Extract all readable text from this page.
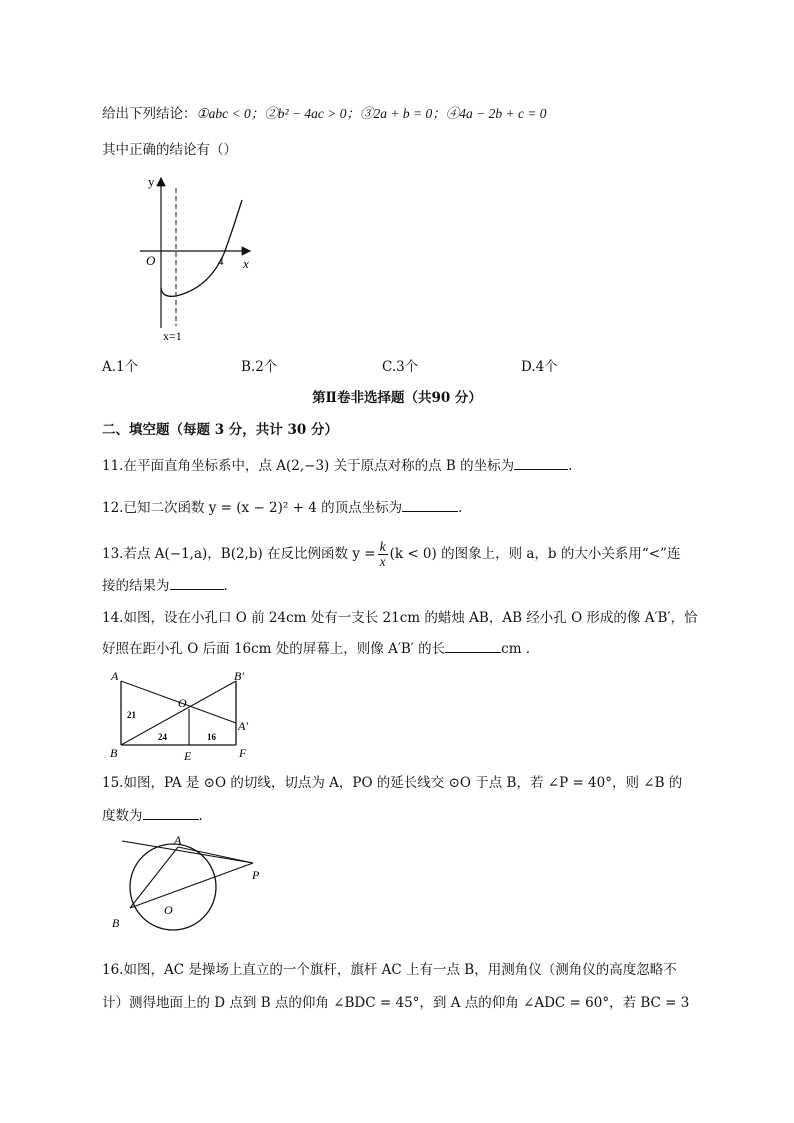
给出下列结论：①abc < 0；②b² − 4ac > 0；③2a + b = 0；④4a − 2b + c = 0
其中正确的结论有（）
y
x
O	4
x=1
A.1个	B.2个	C.3个	D.4个
第Ⅱ卷非选择题（共90 分）
二、填空题（每题 3 分，共计 30 分）
11.在平面直角坐标系中，点 A(2,−3) 关于原点对称的点 B 的坐标为	.
12.已知二次函数 y = (x − 2)² + 4 的顶点坐标为	.
13.若点 A(−1,a)，B(2,b) 在反比例函数 $y = \frac{k}{x} (k < 0)$ 的图象上，则 a，b 的大小关系用“<”连
接的结果为	.
14.如图，设在小孔口 O 前 24cm 处有一支长 21cm 的蜡烛 AB，AB 经小孔 O 形成的像 A′B′，恰
好照在距小孔 O 后面 16cm 处的屏幕上，则像 A′B′ 的长	cm .
A
B
O
E	F
A′
B′
21
24	16
15.如图，PA 是 ⊙O 的切线，切点为 A，PO 的延长线交 ⊙O 于点 B，若 ∠P = 40°，则 ∠B 的
度数为	.
A
P
O
B
16.如图，AC 是操场上直立的一个旗杆，旗杆 AC 上有一点 B，用测角仪（测角仪的高度忽略不
计）测得地面上的 D 点到 B 点的仰角 ∠BDC = 45°，到 A 点的仰角 ∠ADC = 60°，若 BC = 3
